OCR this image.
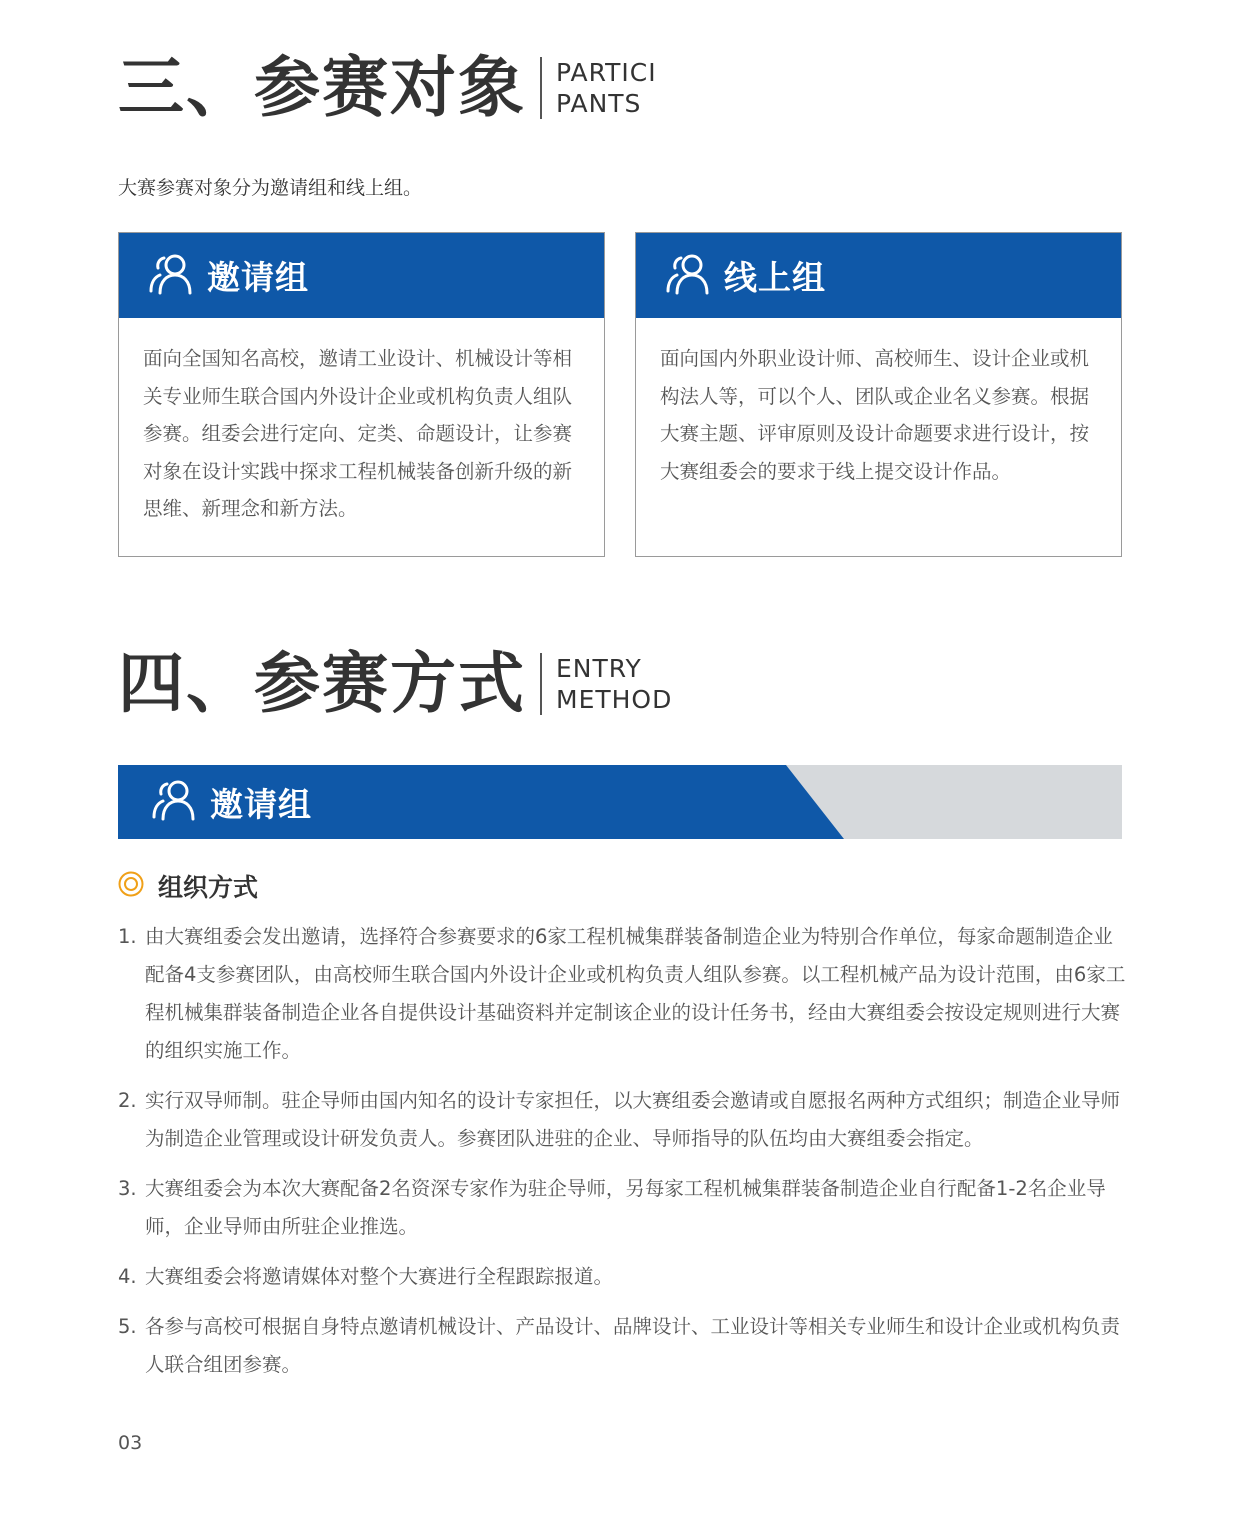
三、参赛对象 PARTICI
PANTS
大赛参赛对象分为邀请组和线上组。
邀请组
面向全国知名高校，邀请工业设计、机械设计等相关专业师生联合国内外设计企业或机构负责人组队参赛。组委会进行定向、定类、命题设计，让参赛对象在设计实践中探求工程机械装备创新升级的新思维、新理念和新方法。
线上组
面向国内外职业设计师、高校师生、设计企业或机构法人等，可以个人、团队或企业名义参赛。根据大赛主题、评审原则及设计命题要求进行设计，按大赛组委会的要求于线上提交设计作品。
四、参赛方式 ENTRY
METHOD
邀请组
组织方式
1. 由大赛组委会发出邀请，选择符合参赛要求的6家工程机械集群装备制造企业为特别合作单位，每家命题制造企业配备4支参赛团队，由高校师生联合国内外设计企业或机构负责人组队参赛。以工程机械产品为设计范围，由6家工程机械集群装备制造企业各自提供设计基础资料并定制该企业的设计任务书，经由大赛组委会按设定规则进行大赛的组织实施工作。
2. 实行双导师制。驻企导师由国内知名的设计专家担任，以大赛组委会邀请或自愿报名两种方式组织；制造企业导师为制造企业管理或设计研发负责人。参赛团队进驻的企业、导师指导的队伍均由大赛组委会指定。
3. 大赛组委会为本次大赛配备2名资深专家作为驻企导师，另每家工程机械集群装备制造企业自行配备1-2名企业导师，企业导师由所驻企业推选。
4. 大赛组委会将邀请媒体对整个大赛进行全程跟踪报道。
5. 各参与高校可根据自身特点邀请机械设计、产品设计、品牌设计、工业设计等相关专业师生和设计企业或机构负责人联合组团参赛。
03
